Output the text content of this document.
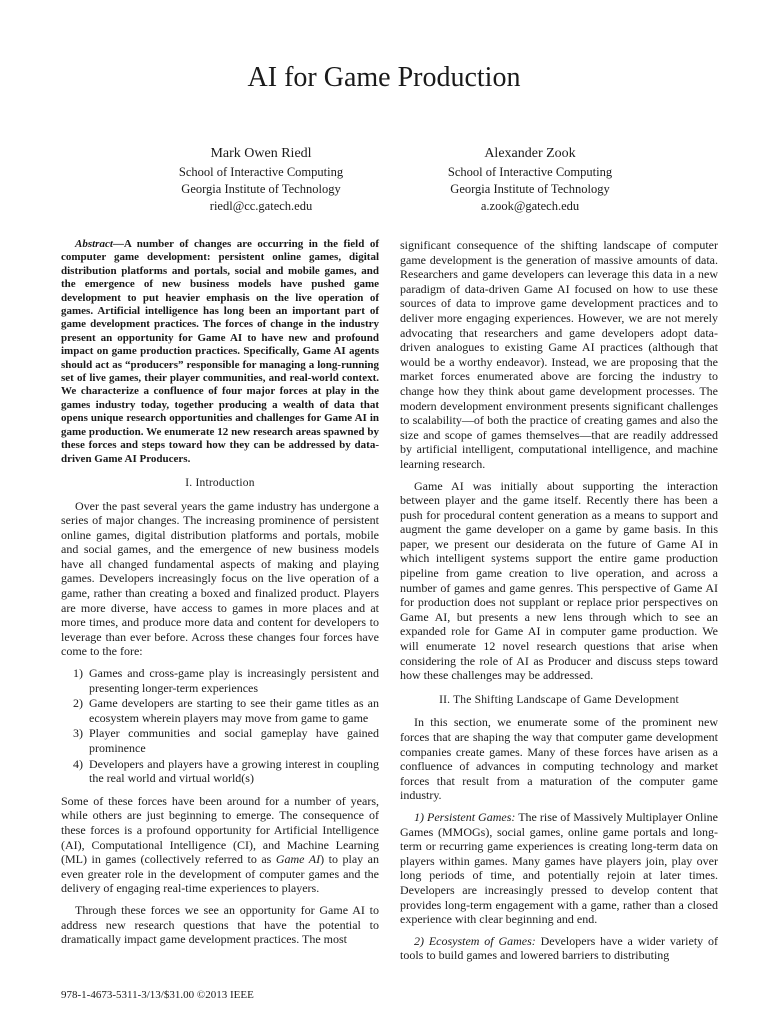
AI for Game Production
Mark Owen Riedl
School of Interactive Computing
Georgia Institute of Technology
riedl@cc.gatech.edu
Alexander Zook
School of Interactive Computing
Georgia Institute of Technology
a.zook@gatech.edu

Abstract—A number of changes are occurring in the field of computer game development: persistent online games, digital distribution platforms and portals, social and mobile games, and the emergence of new business models have pushed game development to put heavier emphasis on the live operation of games. Artificial intelligence has long been an important part of game development practices. The forces of change in the industry present an opportunity for Game AI to have new and profound impact on game production practices. Specifically, Game AI agents should act as “producers” responsible for managing a long-running set of live games, their player communities, and real-world context. We characterize a confluence of four major forces at play in the games industry today, together producing a wealth of data that opens unique research opportunities and challenges for Game AI in game production. We enumerate 12 new research areas spawned by these forces and steps toward how they can be addressed by data-driven Game AI Producers.

I. Introduction

Over the past several years the game industry has undergone a series of major changes. The increasing prominence of persistent online games, digital distribution platforms and portals, mobile and social games, and the emergence of new business models have all changed fundamental aspects of making and playing games. Developers increasingly focus on the live operation of a game, rather than creating a boxed and finalized product. Players are more diverse, have access to games in more places and at more times, and produce more data and content for developers to leverage than ever before. Across these changes four forces have come to the fore:

1) Games and cross-game play is increasingly persistent and presenting longer-term experiences
2) Game developers are starting to see their game titles as an ecosystem wherein players may move from game to game
3) Player communities and social gameplay have gained prominence
4) Developers and players have a growing interest in coupling the real world and virtual world(s)

Some of these forces have been around for a number of years, while others are just beginning to emerge. The consequence of these forces is a profound opportunity for Artificial Intelligence (AI), Computational Intelligence (CI), and Machine Learning (ML) in games (collectively referred to as Game AI) to play an even greater role in the development of computer games and the delivery of engaging real-time experiences to players.

Through these forces we see an opportunity for Game AI to address new research questions that have the potential to dramatically impact game development practices. The most

significant consequence of the shifting landscape of computer game development is the generation of massive amounts of data. Researchers and game developers can leverage this data in a new paradigm of data-driven Game AI focused on how to use these sources of data to improve game development practices and to deliver more engaging experiences. However, we are not merely advocating that researchers and game developers adopt data-driven analogues to existing Game AI practices (although that would be a worthy endeavor). Instead, we are proposing that the market forces enumerated above are forcing the industry to change how they think about game development processes. The modern development environment presents significant challenges to scalability—of both the practice of creating games and also the size and scope of games themselves—that are readily addressed by artificial intelligent, computational intelligence, and machine learning research.

Game AI was initially about supporting the interaction between player and the game itself. Recently there has been a push for procedural content generation as a means to support and augment the game developer on a game by game basis. In this paper, we present our desiderata on the future of Game AI in which intelligent systems support the entire game production pipeline from game creation to live operation, and across a number of games and game genres. This perspective of Game AI for production does not supplant or replace prior perspectives on Game AI, but presents a new lens through which to see an expanded role for Game AI in computer game production. We will enumerate 12 novel research questions that arise when considering the role of AI as Producer and discuss steps toward how these challenges may be addressed.

II. The Shifting Landscape of Game Development

In this section, we enumerate some of the prominent new forces that are shaping the way that computer game development companies create games. Many of these forces have arisen as a confluence of advances in computing technology and market forces that result from a maturation of the computer game industry.

1) Persistent Games: The rise of Massively Multiplayer Online Games (MMOGs), social games, online game portals and long-term or recurring game experiences is creating long-term data on players within games. Many games have players join, play over long periods of time, and potentially rejoin at later times. Developers are increasingly pressed to develop content that provides long-term engagement with a game, rather than a closed experience with clear beginning and end.

2) Ecosystem of Games: Developers have a wider variety of tools to build games and lowered barriers to distributing

978-1-4673-5311-3/13/$31.00 ©2013 IEEE
